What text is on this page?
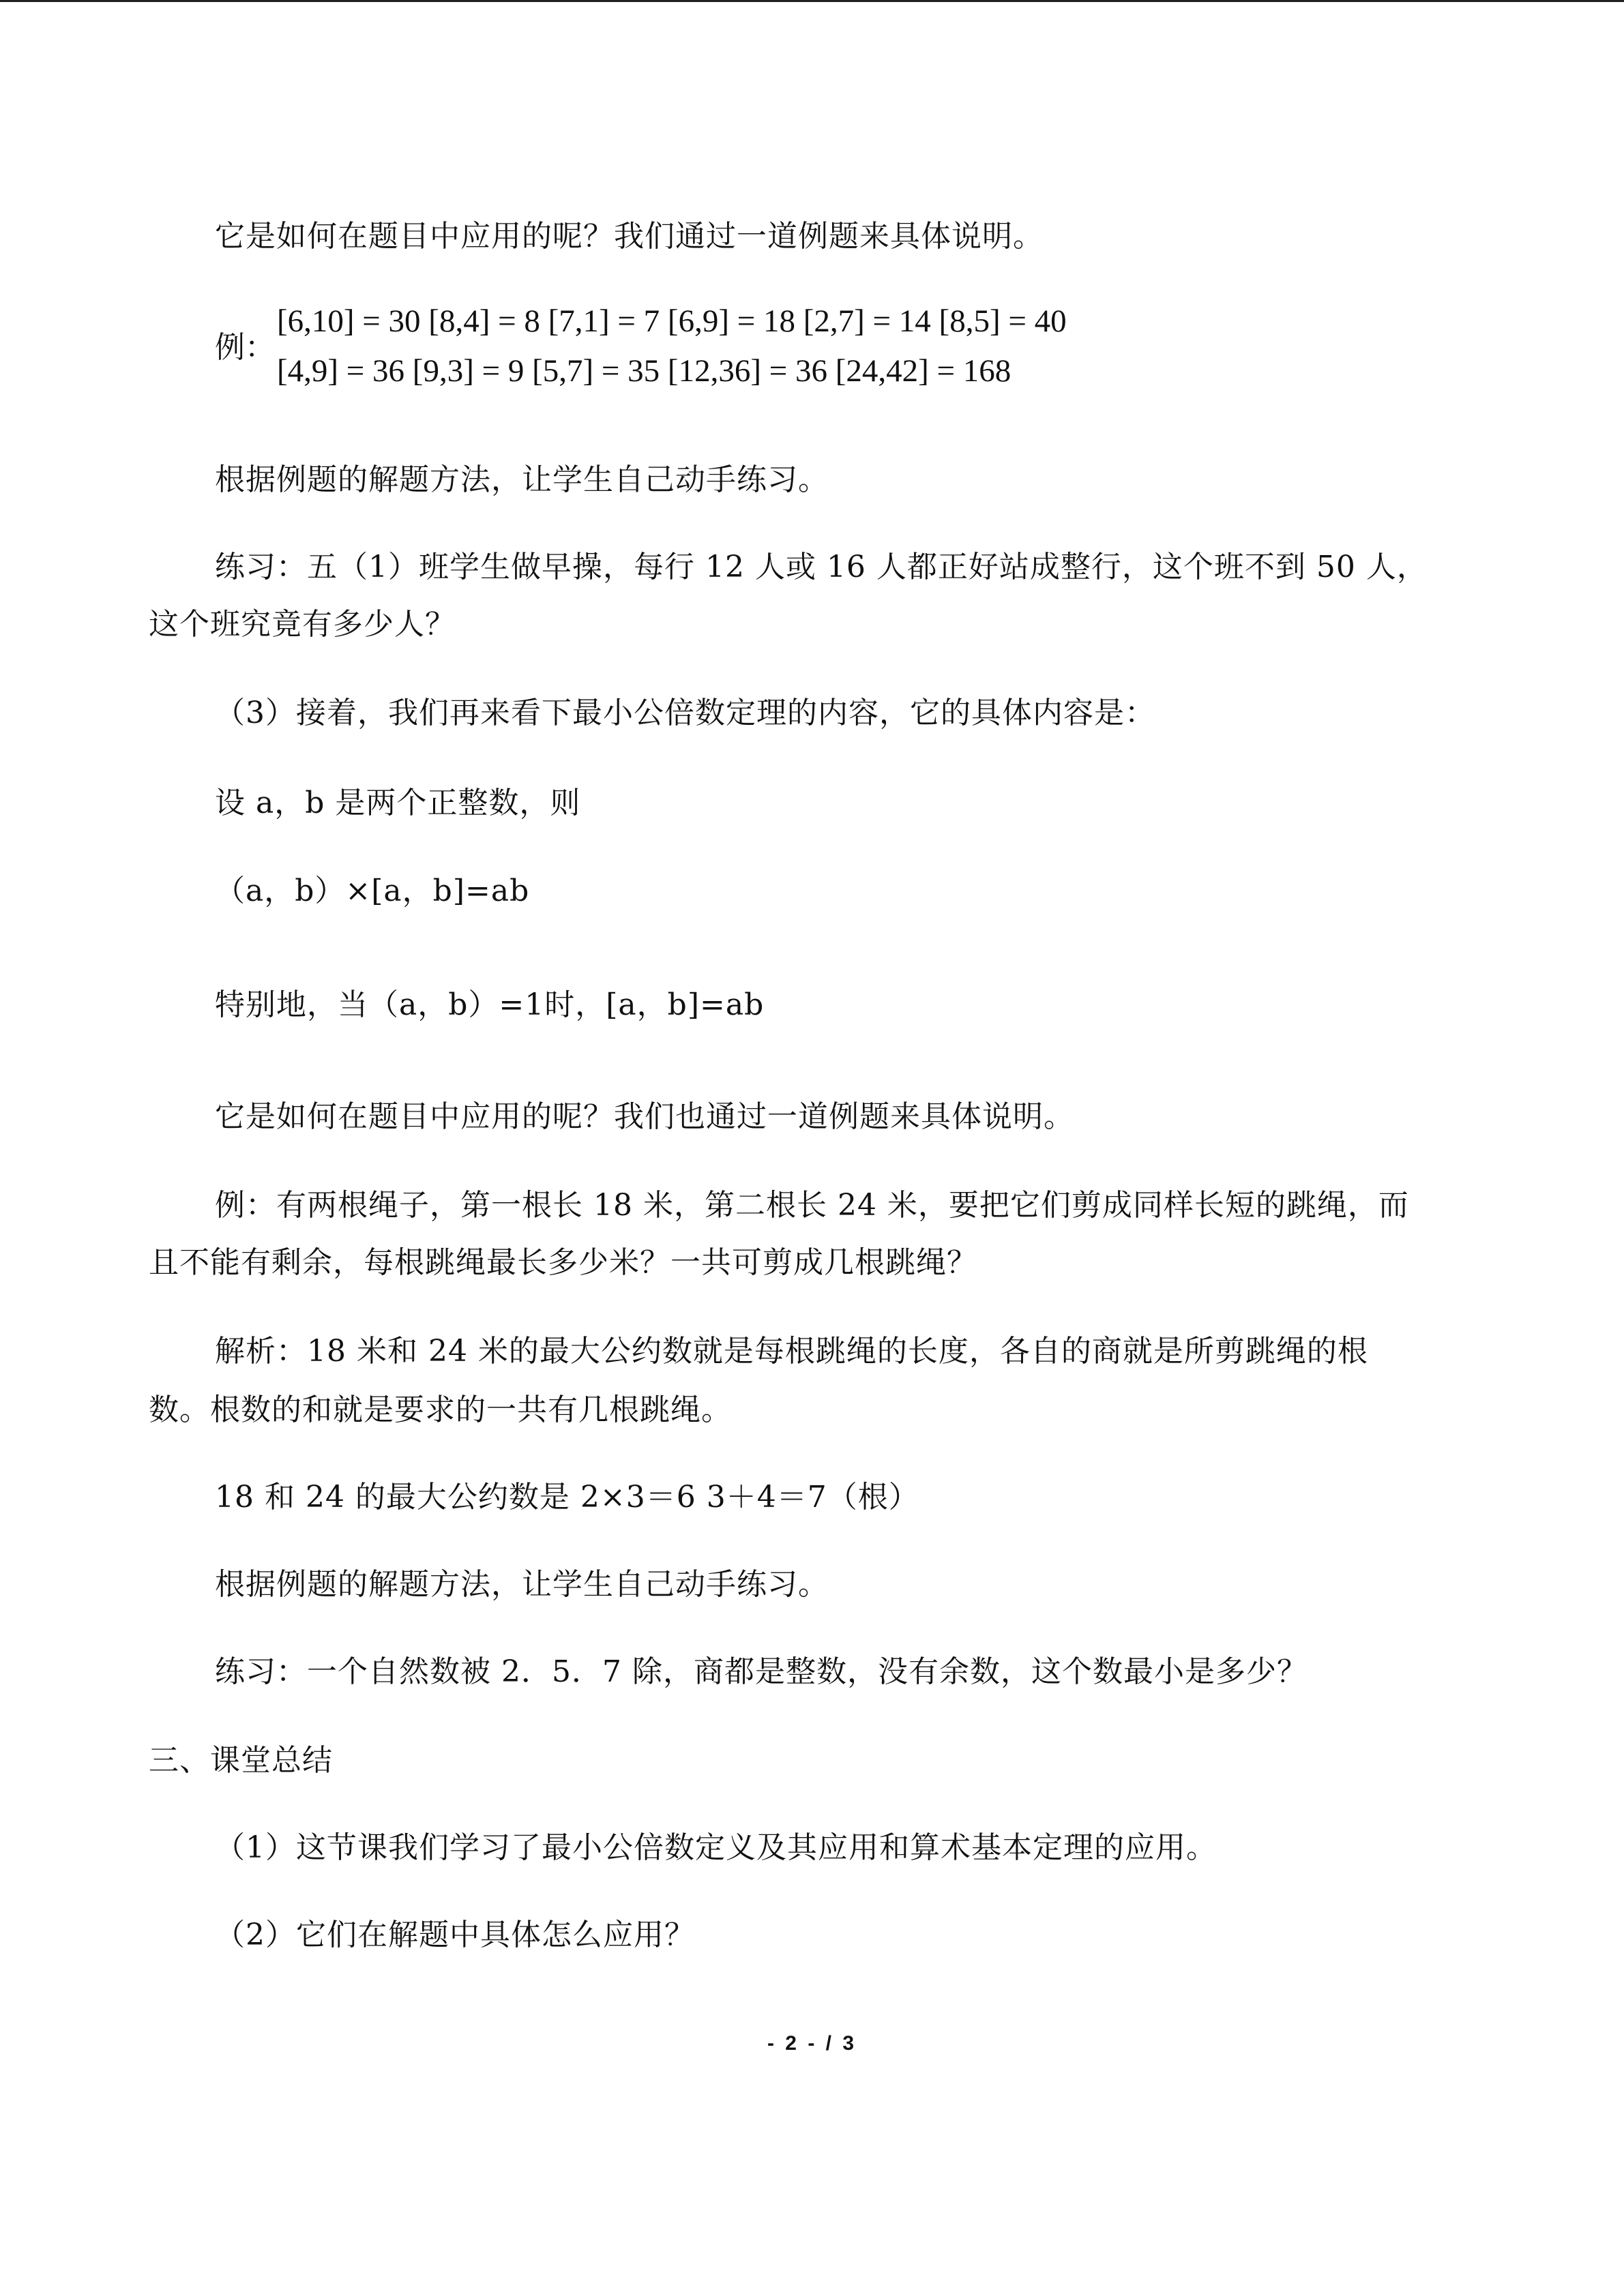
它是如何在题目中应用的呢？我们通过一道例题来具体说明。
例：
[6,10] = 30 [8,4] = 8 [7,1] = 7 [6,9] = 18 [2,7] = 14 [8,5] = 40
[4,9] = 36 [9,3] = 9 [5,7] = 35 [12,36] = 36 [24,42] = 168
根据例题的解题方法，让学生自己动手练习。
练习：五（1）班学生做早操，每行 12 人或 16 人都正好站成整行，这个班不到 50 人，
这个班究竟有多少人？
（3）接着，我们再来看下最小公倍数定理的内容，它的具体内容是：
设 a，b 是两个正整数，则
（a，b）×[a，b]=ab
特别地，当（a，b）=1时，[a，b]=ab
它是如何在题目中应用的呢？我们也通过一道例题来具体说明。
例：有两根绳子，第一根长 18 米，第二根长 24 米，要把它们剪成同样长短的跳绳，而
且不能有剩余，每根跳绳最长多少米？一共可剪成几根跳绳？
解析：18 米和 24 米的最大公约数就是每根跳绳的长度，各自的商就是所剪跳绳的根
数。根数的和就是要求的一共有几根跳绳。
18 和 24 的最大公约数是 2×3＝6 3＋4＝7（根）
根据例题的解题方法，让学生自己动手练习。
练习：一个自然数被 2．5．7 除，商都是整数，没有余数，这个数最小是多少？
三、课堂总结
（1）这节课我们学习了最小公倍数定义及其应用和算术基本定理的应用。
（2）它们在解题中具体怎么应用？
- 2 - / 3
